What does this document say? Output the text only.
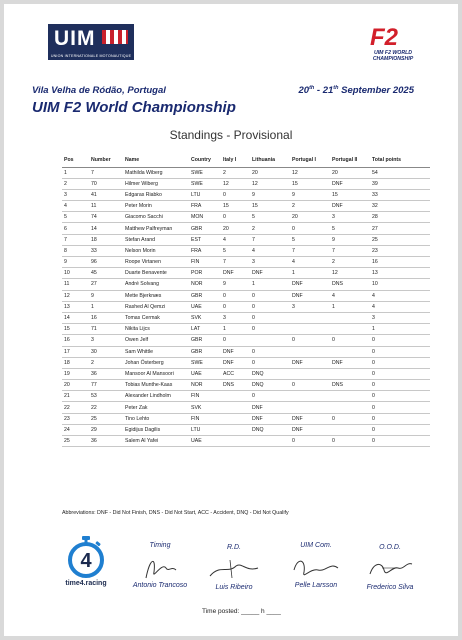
UIM
UNION INTERNATIONALE MOTONAUTIQUE
F2
UIM F2 WORLD
CHAMPIONSHIP
Vila Velha de Ródão, Portugal	20th - 21th September 2025
UIM F2 World Championship
Standings - Provisional
Pos	Number	Name	Country	Italy I	Lithuania	Portugal I	Portugal II	Total points
1	7	Mathilda Wiberg	SWE	2	20	12	20	54
2	70	Hilmer Wiberg	SWE	12	12	15	DNF	39
3	41	Edgaras Riabko	LTU	0	9	9	15	33
4	11	Peter Morin	FRA	15	15	2	DNF	32
5	74	Giacomo Sacchi	MON	0	5	20	3	28
6	14	Matthew Palfreyman	GBR	20	2	0	5	27
7	18	Stefan Arand	EST	4	7	5	9	25
8	33	Nelson Morin	FRA	5	4	7	7	23
9	96	Roope Virtanen	FIN	7	3	4	2	16
10	45	Duarte Benavente	POR	DNF	DNF	1	12	13
11	27	André Solvang	NOR	9	1	DNF	DNS	10
12	9	Mette Bjerknæs	GBR	0	0	DNF	4	4
13	1	Rashed Al Qemzi	UAE	0	0	3	1	4
14	16	Tomas Cermak	SVK	3	0			3
15	71	Nikita Lijcs	LAT	1	0			1
16	3	Owen Jelf	GBR	0		0	0	0
17	30	Sam Whittle	GBR	DNF	0			0
18	2	Johan Österberg	SWE	DNF	0	DNF	DNF	0
19	36	Mansoor Al Mansoori	UAE	ACC	DNQ			0
20	77	Tobias Munthe-Kaas	NOR	DNS	DNQ	0	DNS	0
21	53	Alexander Lindholm	FIN		0			0
22	22	Peter Zak	SVK		DNF			0
23	25	Tino Lehto	FIN		DNF	DNF	0	0
24	29	Egidijus Dagilis	LTU		DNQ	DNF		0
25	36	Salem Al Yafei	UAE			0	0	0
Abbreviations: DNF - Did Not Finish, DNS - Did Not Start, ACC - Accident, DNQ - Did Not Qualify
4
time4.racing
Timing
Antonio Trancoso
R.D.
Luis Ribeiro
UIM Com.
Pelle Larsson
O.O.D.
Frederico Silva
Time posted: _____ h ____
